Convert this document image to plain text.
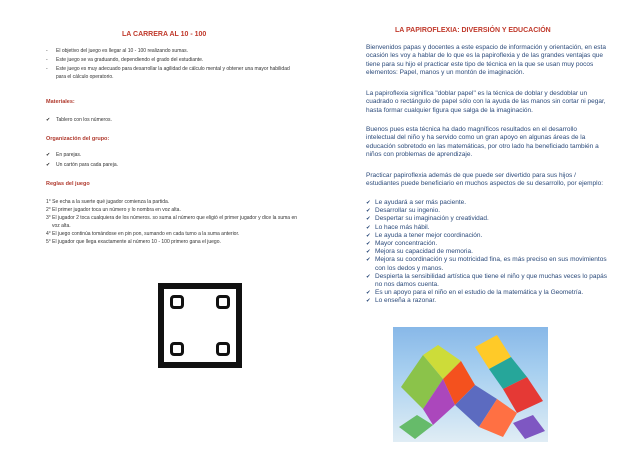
LA CARRERA AL 10 - 100
- El objetivo del juego es llegar al 10 - 100 realizando sumas.
- Este juego se va graduando, dependiendo el grado del estudiante.
- Este juego es muy adecuado para desarrollar la agilidad de cálculo mental y obtener una mayor habilidad para el cálculo operatorio.
Materiales:
✔ Tablero con los números.
Organización del grupo:
✔ En parejas.
✔ Un cartón para cada pareja.
Reglas del juego
1° Se echa a la suerte qué jugador comienza la partida.
2° El primer jugador toca un número y lo nombra en voz alta.
3° El jugador 2 toca cualquiera de los números. so suma al número que eligió el primer jugador y dice la suma en voz alta.
4° El juego continúa tomándose en pin pon, sumando en cada turno a la suma anterior.
5° El jugador que llega exactamente al número 10 - 100 primero gana el juego.
LA PAPIROFLEXIA: DIVERSIÓN Y EDUCACIÓN
Bienvenidos papas y docentes a este espacio de información y orientación, en esta ocasión les voy a hablar de lo que es la papiroflexia y de las grandes ventajas que tiene para su hijo el practicar este tipo de técnica en la que se usan muy pocos elementos: Papel, manos y un montón de imaginación.
La papiroflexia significa "doblar papel" es la técnica de doblar y desdoblar un cuadrado o rectángulo de papel sólo con la ayuda de las manos sin cortar ni pegar, hasta formar cualquier figura que salga de la imaginación.
Buenos pues esta técnica ha dado magníficos resultados en el desarrollo intelectual del niño y ha servido como un gran apoyo en algunas áreas de la educación sobretodo en las matemáticas, por otro lado ha beneficiado también a niños con problemas de aprendizaje.
Practicar papiroflexia además de que puede ser divertido para sus hijos / estudiantes puede beneficiario en muchos aspectos de su desarrollo, por ejemplo:
✔ Le ayudará a ser más paciente.
✔ Desarrollar su ingenio.
✔ Despertar su imaginación y creatividad.
✔ Lo hace más hábil.
✔ Le ayuda a tener mejor coordinación.
✔ Mayor concentración.
✔ Mejora su capacidad de memoria.
✔ Mejora su coordinación y su motricidad fina, es más preciso en sus movimientos con los dedos y manos.
✔ Despierta la sensibilidad artística que tiene el niño y que muchas veces lo papás no nos damos cuenta.
✔ Es un apoyo para el niño en el estudio de la matemática y la Geometría.
✔ Lo enseña a razonar.
